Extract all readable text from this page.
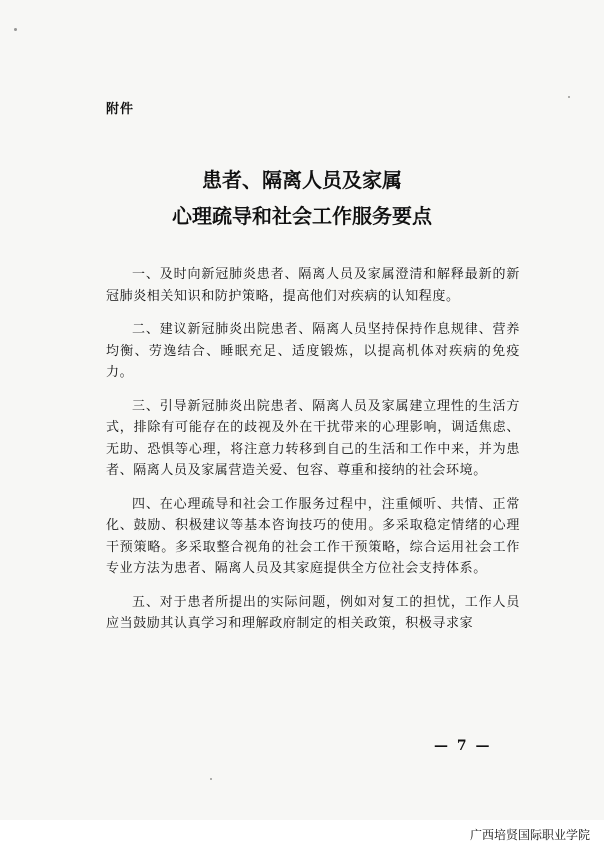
附件

患者、隔离人员及家属
心理疏导和社会工作服务要点

一、及时向新冠肺炎患者、隔离人员及家属澄清和解释最新的新冠肺炎相关知识和防护策略，提高他们对疾病的认知程度。

二、建议新冠肺炎出院患者、隔离人员坚持保持作息规律、营养均衡、劳逸结合、睡眠充足、适度锻炼，以提高机体对疾病的免疫力。

三、引导新冠肺炎出院患者、隔离人员及家属建立理性的生活方式，排除有可能存在的歧视及外在干扰带来的心理影响，调适焦虑、无助、恐惧等心理，将注意力转移到自己的生活和工作中来，并为患者、隔离人员及家属营造关爱、包容、尊重和接纳的社会环境。

四、在心理疏导和社会工作服务过程中，注重倾听、共情、正常化、鼓励、积极建议等基本咨询技巧的使用。多采取稳定情绪的心理干预策略。多采取整合视角的社会工作干预策略，综合运用社会工作专业方法为患者、隔离人员及其家庭提供全方位社会支持体系。

五、对于患者所提出的实际问题，例如对复工的担忧，工作人员应当鼓励其认真学习和理解政府制定的相关政策，积极寻求家

— 7 —

广西培贤国际职业学院
